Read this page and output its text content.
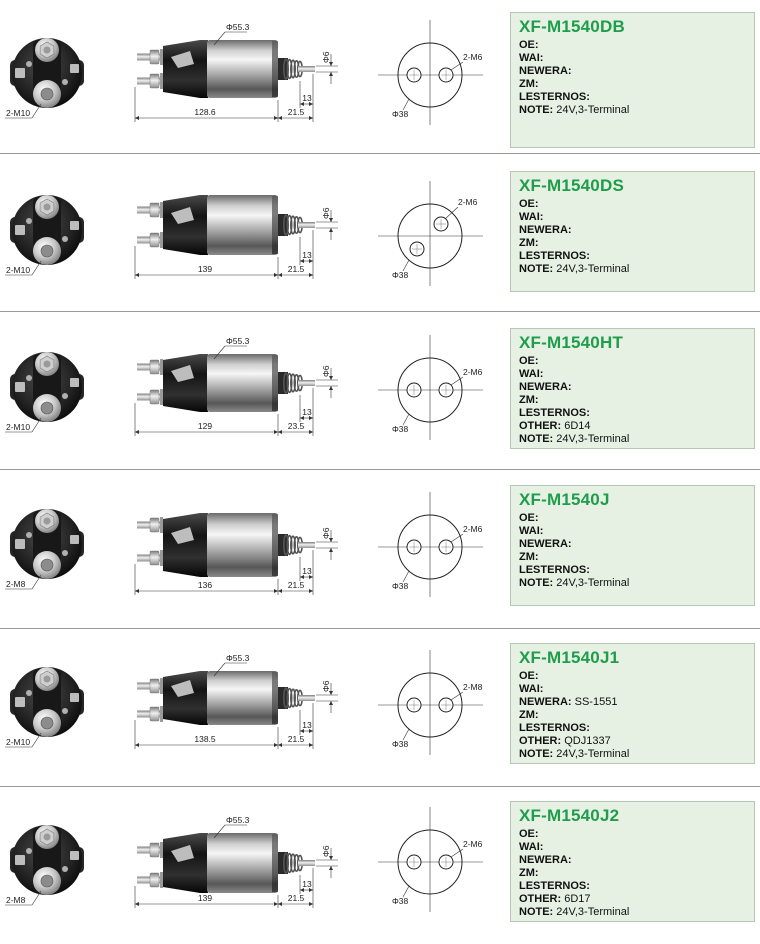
2-M10	128.6	21.5
13
Φ6
Φ55.3
2-M6
Φ38
XF-M1540DB
OE:
WAI:
NEWERA:
ZM:
LESTERNOS:
NOTE: 24V,3-Terminal
2-M10	139	21.5
13
Φ6
2-M6
Φ38
XF-M1540DS
OE:
WAI:
NEWERA:
ZM:
LESTERNOS:
NOTE: 24V,3-Terminal
2-M10	129	23.5
13
Φ6
Φ55.3
2-M6
Φ38
XF-M1540HT
OE:
WAI:
NEWERA:
ZM:
LESTERNOS:
OTHER: 6D14
NOTE: 24V,3-Terminal
2-M8	136	21.5
13
Φ6	2-M6
Φ38
XF-M1540J
OE:
WAI:
NEWERA:
ZM:
LESTERNOS:
NOTE: 24V,3-Terminal
2-M10	138.5	21.5
13
Φ6
Φ55.3
2-M8
Φ38
XF-M1540J1
OE:
WAI:
NEWERA: SS-1551
ZM:
LESTERNOS:
OTHER: QDJ1337
NOTE: 24V,3-Terminal
2-M8	139	21.5
13
Φ6
Φ55.3
2-M6
Φ38
XF-M1540J2
OE:
WAI:
NEWERA:
ZM:
LESTERNOS:
OTHER: 6D17
NOTE: 24V,3-Terminal
